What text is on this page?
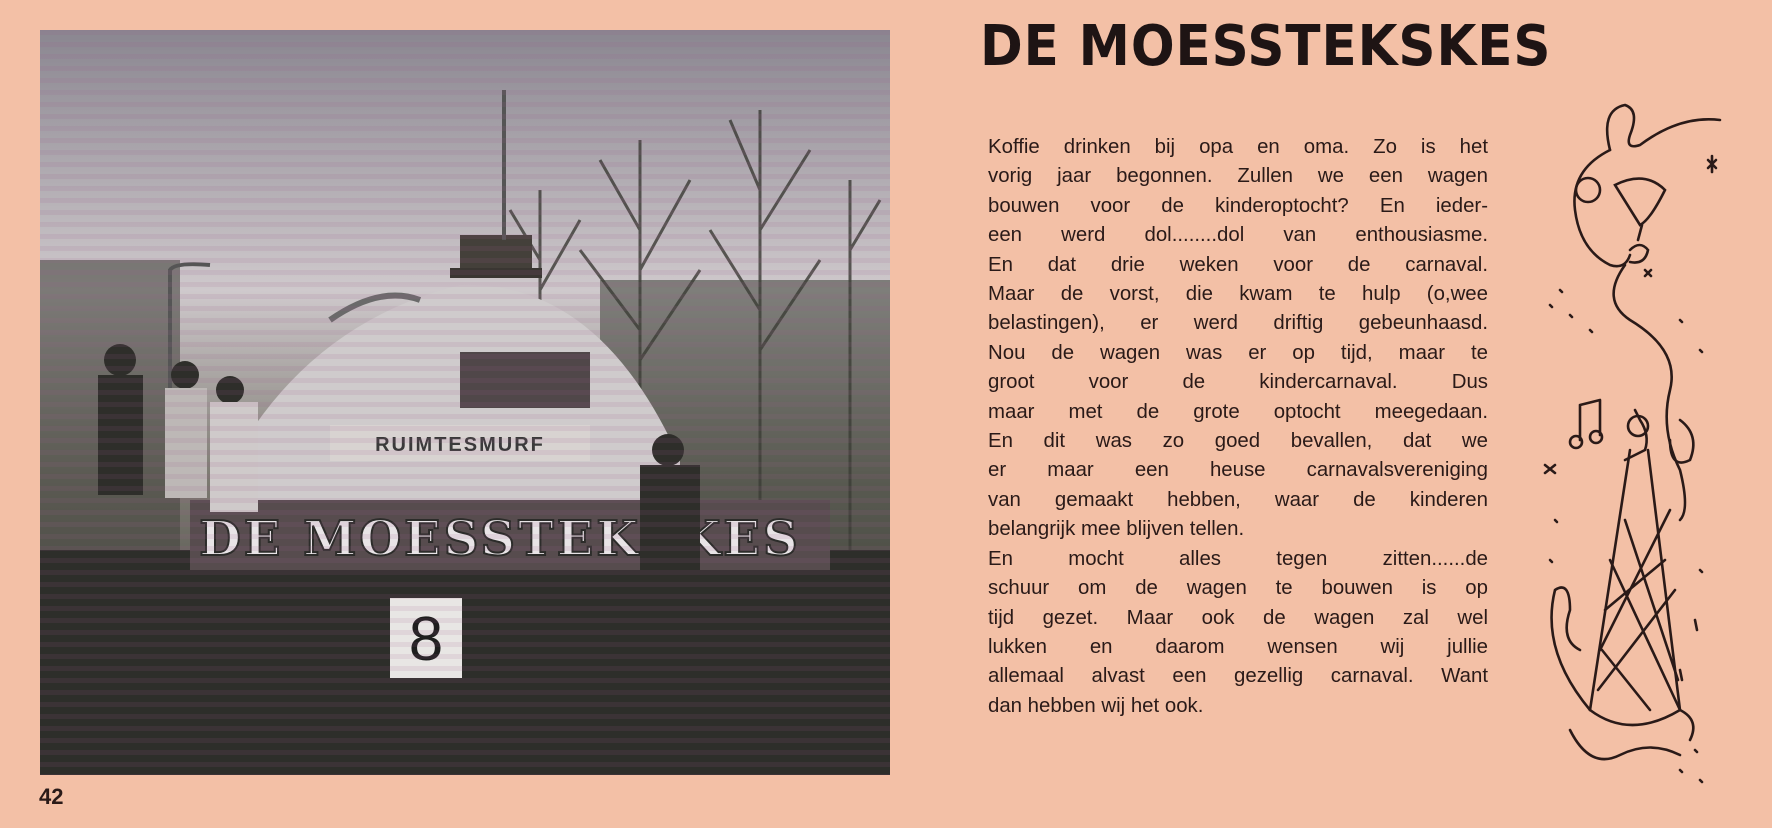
DE MOESSTEKSKES
Koffie drinken bij opa en oma. Zo is het
vorig jaar begonnen. Zullen we een wagen
bouwen voor de kinderoptocht? En ieder-
een werd dol........dol van enthousiasme.
En dat drie weken voor de carnaval.
Maar de vorst, die kwam te hulp (o,wee
belastingen), er werd driftig gebeunhaasd.
Nou de wagen was er op tijd, maar te
groot voor de kindercarnaval. Dus
maar met de grote optocht meegedaan.
En dit was zo goed bevallen, dat we
er maar een heuse carnavalsvereniging
van gemaakt hebben, waar de kinderen
belangrijk mee blijven tellen.
En mocht alles tegen zitten......de
schuur om de wagen te bouwen is op
tijd gezet. Maar ook de wagen zal wel
lukken en daarom wensen wij jullie
allemaal alvast een gezellig carnaval. Want
dan hebben wij het ook.
42
